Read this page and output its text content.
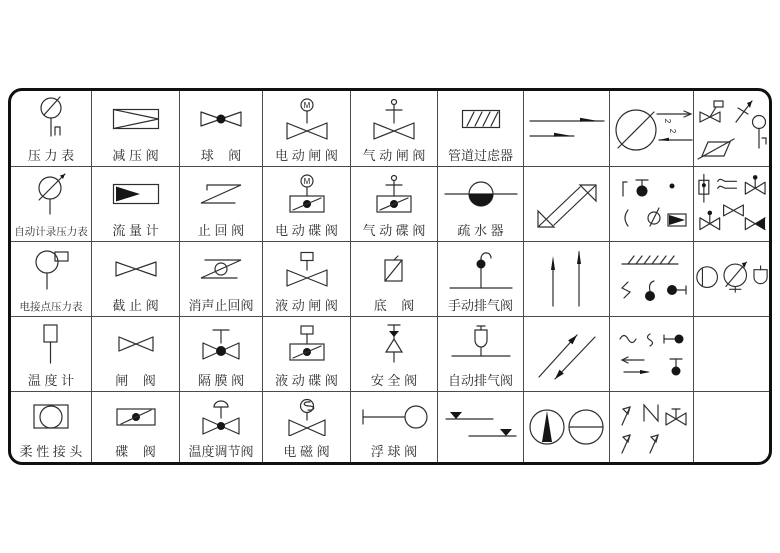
压 力 表	减 压 阀	球    阀
M
电 动 闸 阀	气 动 闸 阀	管道过虑器
2
2
自动计录压力表	流 量 计	止 回 阀
M
电 动 碟 阀	气 动 碟 阀	疏 水 器
电接点压力表	截 止 阀	消声止回阀	液 动 闸 阀	底    阀	手动排气阀
温 度 计	闸    阀	隔 膜 阀	液 动 碟 阀	安 全 阀	自动排气阀
柔 性 接 头	碟    阀	温度调节阀	电 磁 阀	浮 球 阀
